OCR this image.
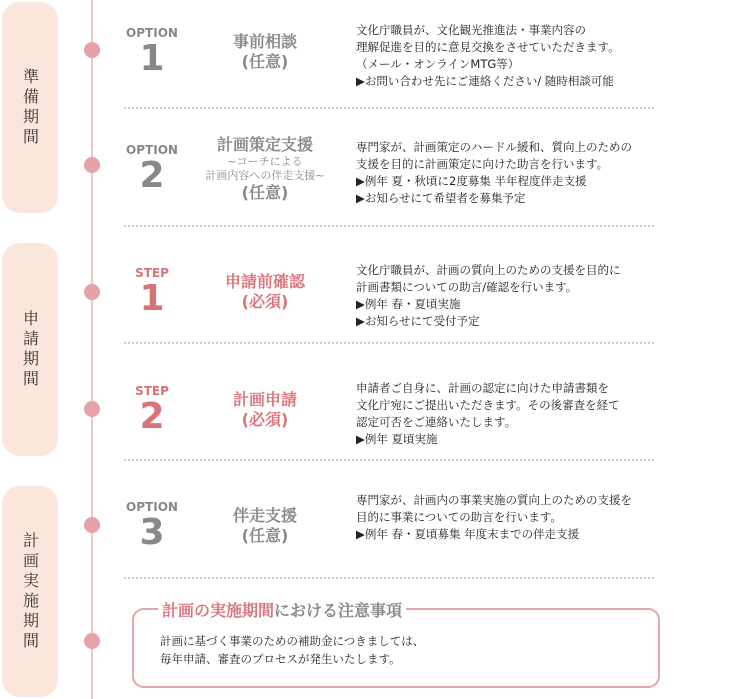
準備期間
申請期間
計画実施期間
OPTION
1	事前相談
(任意)
文化庁職員が、文化観光推進法・事業内容の
理解促進を目的に意見交換をさせていただきます。
（メール・オンラインMTG等）
▶お問い合わせ先にご連絡ください/ 随時相談可能
OPTION
2
計画策定支援
~コーチによる
計画内容への伴走支援~
(任意)
専門家が、計画策定のハードル緩和、質向上のための
支援を目的に計画策定に向けた助言を行います。
▶例年 夏・秋頃に2度募集 半年程度伴走支援
▶お知らせにて希望者を募集予定
STEP
1	申請前確認
(必須)
文化庁職員が、計画の質向上のための支援を目的に
計画書類についての助言/確認を行います。
▶例年 春・夏頃実施
▶お知らせにて受付予定
STEP
2	計画申請
(必須)
申請者ご自身に、計画の認定に向けた申請書類を
文化庁宛にご提出いただきます。その後審査を経て
認定可否をご連絡いたします。
▶例年 夏頃実施
OPTION
3	伴走支援
(任意)
専門家が、計画内の事業実施の質向上のための支援を
目的に事業についての助言を行います。
▶例年 春・夏頃募集 年度末までの伴走支援
計画の実施期間における注意事項
計画に基づく事業のための補助金につきましては、
毎年申請、審査のプロセスが発生いたします。
